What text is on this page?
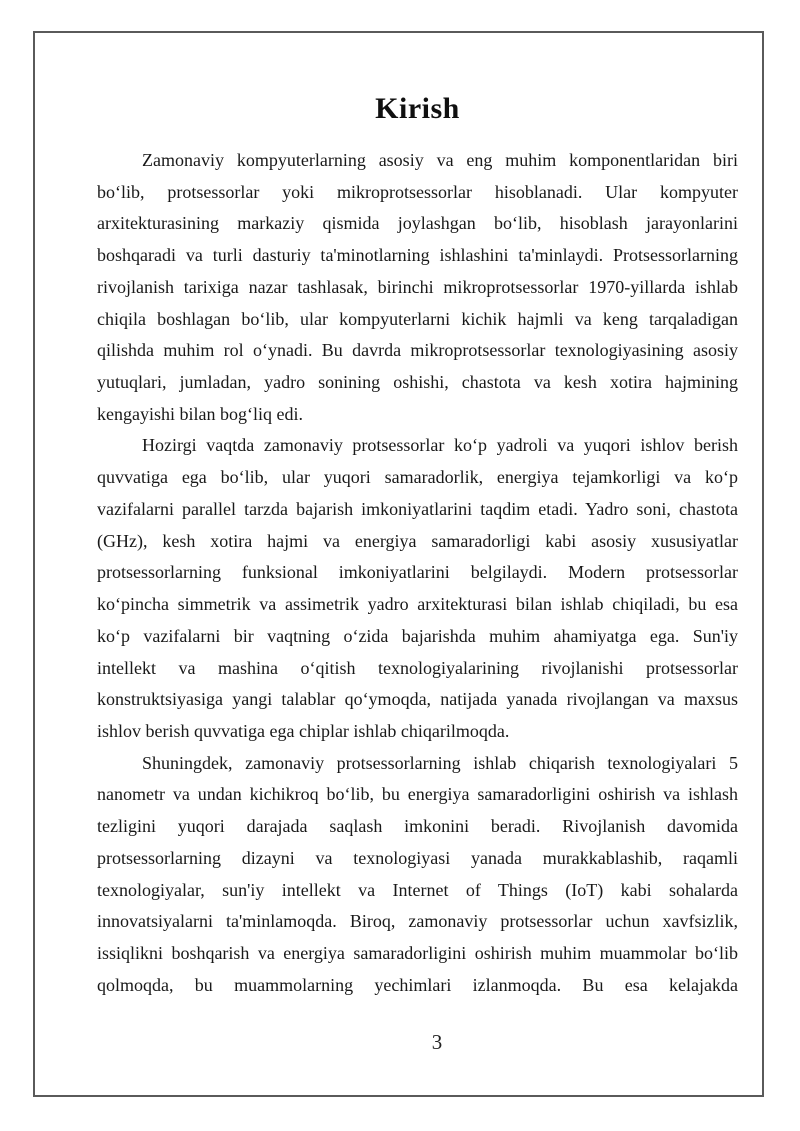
Kirish
Zamonaviy kompyuterlarning asosiy va eng muhim komponentlaridan biri
bo‘lib, protsessorlar yoki mikroprotsessorlar hisoblanadi. Ular kompyuter
arxitekturasining markaziy qismida joylashgan bo‘lib, hisoblash jarayonlarini
boshqaradi va turli dasturiy ta'minotlarning ishlashini ta'minlaydi. Protsessorlarning
rivojlanish tarixiga nazar tashlasak, birinchi mikroprotsessorlar 1970-yillarda ishlab
chiqila boshlagan bo‘lib, ular kompyuterlarni kichik hajmli va keng tarqaladigan
qilishda muhim rol o‘ynadi. Bu davrda mikroprotsessorlar texnologiyasining asosiy
yutuqlari, jumladan, yadro sonining oshishi, chastota va kesh xotira hajmining
kengayishi bilan bog‘liq edi.
Hozirgi vaqtda zamonaviy protsessorlar ko‘p yadroli va yuqori ishlov berish
quvvatiga ega bo‘lib, ular yuqori samaradorlik, energiya tejamkorligi va ko‘p
vazifalarni parallel tarzda bajarish imkoniyatlarini taqdim etadi. Yadro soni, chastota
(GHz), kesh xotira hajmi va energiya samaradorligi kabi asosiy xususiyatlar
protsessorlarning funksional imkoniyatlarini belgilaydi. Modern protsessorlar
ko‘pincha simmetrik va assimetrik yadro arxitekturasi bilan ishlab chiqiladi, bu esa
ko‘p vazifalarni bir vaqtning o‘zida bajarishda muhim ahamiyatga ega. Sun'iy
intellekt va mashina o‘qitish texnologiyalarining rivojlanishi protsessorlar
konstruktsiyasiga yangi talablar qo‘ymoqda, natijada yanada rivojlangan va maxsus
ishlov berish quvvatiga ega chiplar ishlab chiqarilmoqda.
Shuningdek, zamonaviy protsessorlarning ishlab chiqarish texnologiyalari 5
nanometr va undan kichikroq bo‘lib, bu energiya samaradorligini oshirish va ishlash
tezligini yuqori darajada saqlash imkonini beradi. Rivojlanish davomida
protsessorlarning dizayni va texnologiyasi yanada murakkablashib, raqamli
texnologiyalar, sun'iy intellekt va Internet of Things (IoT) kabi sohalarda
innovatsiyalarni ta'minlamoqda. Biroq, zamonaviy protsessorlar uchun xavfsizlik,
issiqlikni boshqarish va energiya samaradorligini oshirish muhim muammolar bo‘lib
qolmoqda, bu muammolarning yechimlari izlanmoqda. Bu esa kelajakda
3
